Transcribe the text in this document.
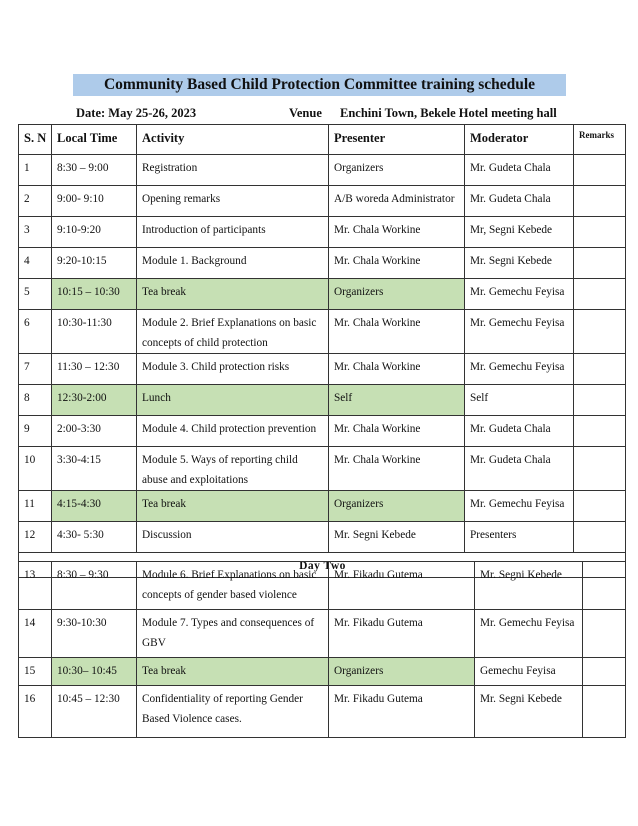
Community Based Child Protection Committee training schedule
Date: May 25-26, 2023	Venue Enchini Town, Bekele Hotel meeting hall
S. N	Local Time	Activity	Presenter	Moderator	Remarks
1	8:30 – 9:00	Registration	Organizers	Mr. Gudeta Chala	
2	9:00- 9:10	Opening remarks	A/B woreda Administrator	Mr. Gudeta Chala	
3	9:10-9:20	Introduction of participants	Mr. Chala Workine	Mr, Segni Kebede	
4	9:20-10:15	Module 1. Background	Mr. Chala Workine	Mr. Segni Kebede	
5	10:15 – 10:30	Tea break	Organizers	Mr. Gemechu Feyisa	
6	10:30-11:30	Module 2. Brief Explanations on basic concepts of child protection	Mr. Chala Workine	Mr. Gemechu Feyisa	
7	11:30 – 12:30	Module 3. Child protection risks	Mr. Chala Workine	Mr. Gemechu Feyisa	
8	12:30-2:00	Lunch	Self	Self	
9	2:00-3:30	Module 4. Child protection prevention	Mr. Chala Workine	Mr. Gudeta Chala	
10	3:30-4:15	Module 5. Ways of reporting child abuse and exploitations	Mr. Chala Workine	Mr. Gudeta Chala	
11	4:15-4:30	Tea break	Organizers	Mr. Gemechu Feyisa	
12	4:30- 5:30	Discussion	Mr. Segni Kebede	Presenters	
Day Two					
13	8:30 – 9:30	Module 6. Brief Explanations on basic concepts of gender based violence	Mr. Fikadu Gutema	Mr. Segni Kebede	
14	9:30-10:30	Module 7. Types and consequences of GBV	Mr. Fikadu Gutema	Mr. Gemechu Feyisa	
15	10:30– 10:45	Tea break	Organizers	Gemechu Feyisa	
16	10:45 – 12:30	Confidentiality of reporting Gender Based Violence cases.	Mr. Fikadu Gutema	Mr. Segni Kebede	
